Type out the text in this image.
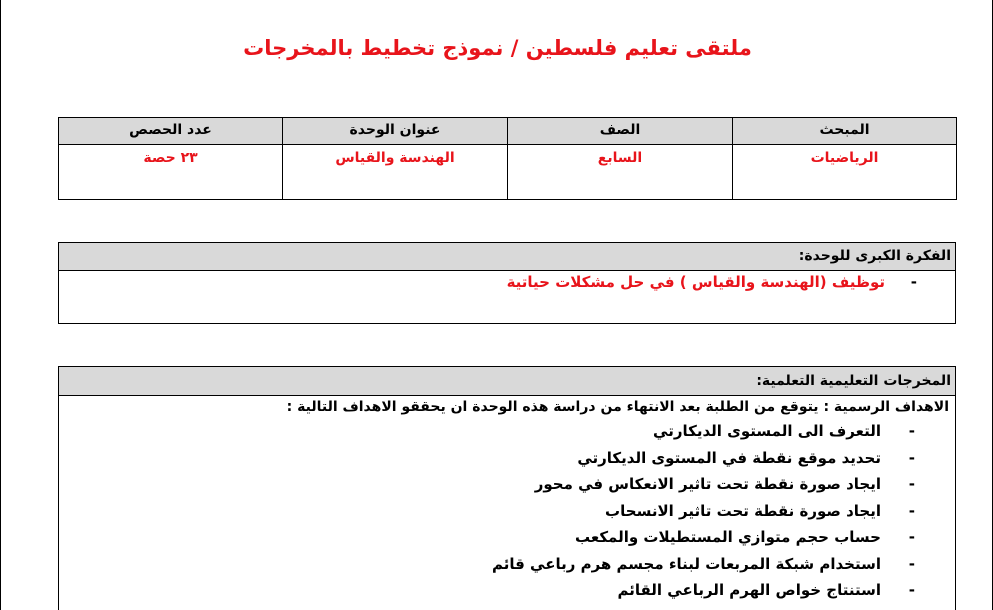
ملتقى تعليم فلسطين / نموذج تخطيط بالمخرجات
المبحث	الصف	عنوان الوحدة	عدد الحصص
الرياضيات	السابع	الهندسة والقياس	٢٣ حصة
الفكرة الكبرى للوحدة:
-
توظيف (الهندسة والقياس ) في حل مشكلات حياتية
المخرجات التعليمية التعلمية:
الاهداف الرسمية : يتوقع من الطلبة بعد الانتهاء من دراسة هذه الوحدة ان يحققو الاهداف التالية :
-
التعرف الى المستوى الديكارتي
-
تحديد موقع نقطة في المستوى الديكارتي
-
ايجاد صورة نقطة تحت تاثير الانعكاس في محور
-
ايجاد صورة نقطة تحت تاثير الانسحاب
-
حساب حجم متوازي المستطيلات والمكعب
-
استخدام شبكة المربعات لبناء مجسم هرم رباعي قائم
-
استنتاج خواص الهرم الرباعي القائم
